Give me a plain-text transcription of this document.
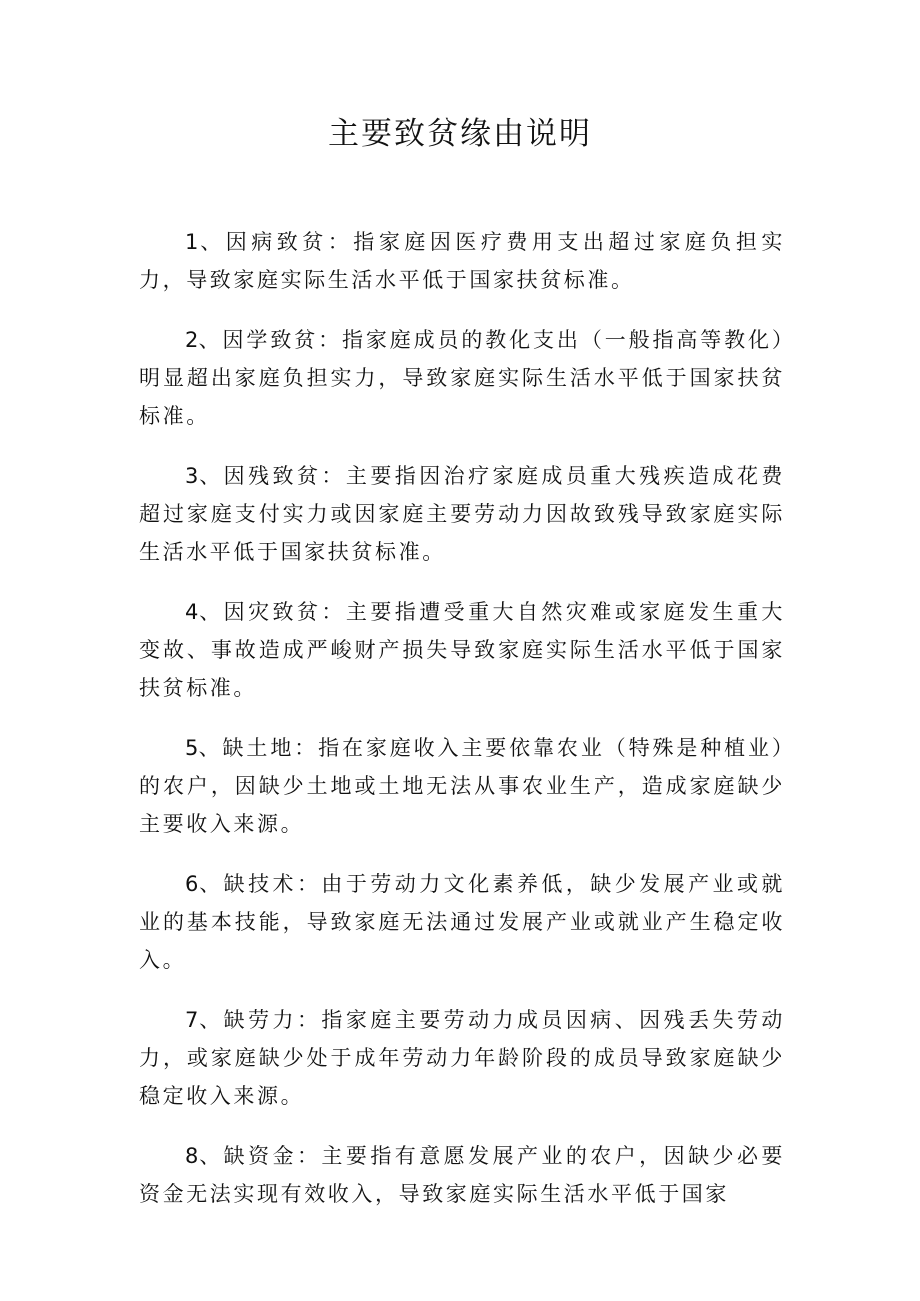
主要致贫缘由说明

1、因病致贫：指家庭因医疗费用支出超过家庭负担实力，导致家庭实际生活水平低于国家扶贫标准。

2、因学致贫：指家庭成员的教化支出（一般指高等教化）明显超出家庭负担实力，导致家庭实际生活水平低于国家扶贫标准。

3、因残致贫：主要指因治疗家庭成员重大残疾造成花费超过家庭支付实力或因家庭主要劳动力因故致残导致家庭实际生活水平低于国家扶贫标准。

4、因灾致贫：主要指遭受重大自然灾难或家庭发生重大变故、事故造成严峻财产损失导致家庭实际生活水平低于国家扶贫标准。

5、缺土地：指在家庭收入主要依靠农业（特殊是种植业）的农户，因缺少土地或土地无法从事农业生产，造成家庭缺少主要收入来源。

6、缺技术：由于劳动力文化素养低，缺少发展产业或就业的基本技能，导致家庭无法通过发展产业或就业产生稳定收入。

7、缺劳力：指家庭主要劳动力成员因病、因残丢失劳动力，或家庭缺少处于成年劳动力年龄阶段的成员导致家庭缺少稳定收入来源。

8、缺资金：主要指有意愿发展产业的农户，因缺少必要资金无法实现有效收入，导致家庭实际生活水平低于国家
